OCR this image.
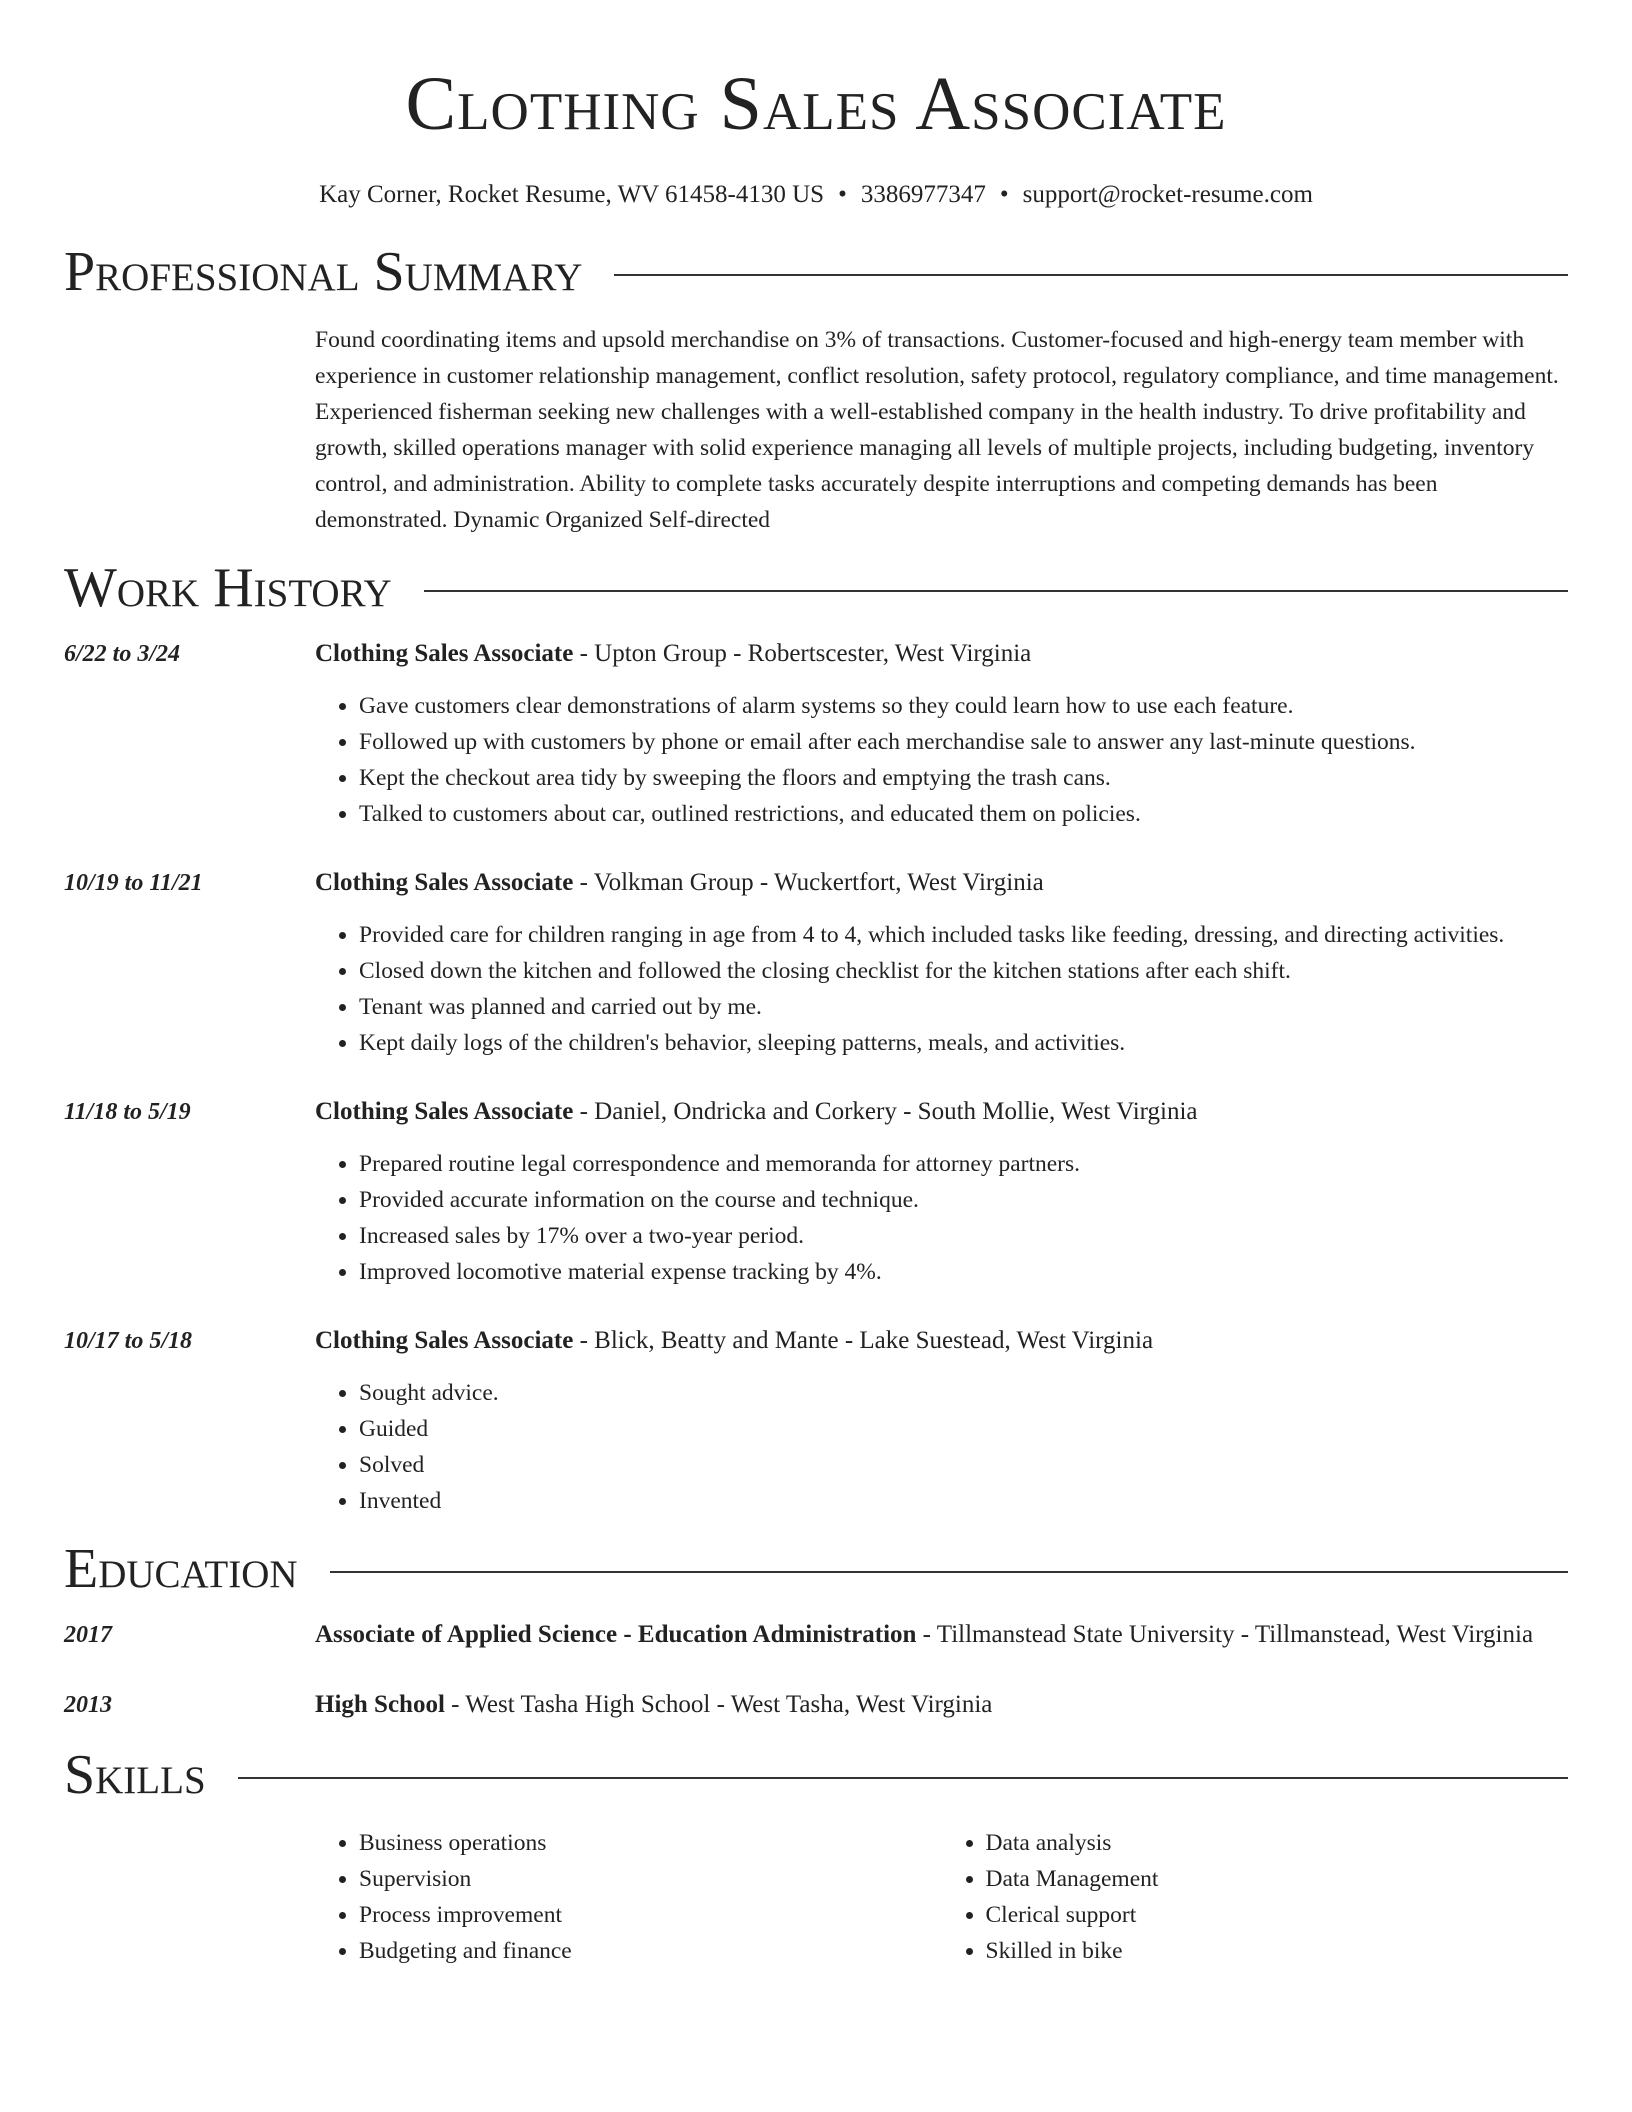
Clothing Sales Associate
Kay Corner, Rocket Resume, WV 61458-4130 US • 3386977347 • support@rocket-resume.com
Professional Summary
Found coordinating items and upsold merchandise on 3% of transactions. Customer-focused and high-energy team member with experience in customer relationship management, conflict resolution, safety protocol, regulatory compliance, and time management. Experienced fisherman seeking new challenges with a well-established company in the health industry. To drive profitability and growth, skilled operations manager with solid experience managing all levels of multiple projects, including budgeting, inventory control, and administration. Ability to complete tasks accurately despite interruptions and competing demands has been demonstrated. Dynamic Organized Self-directed
Work History
6/22 to 3/24	Clothing Sales Associate - Upton Group - Robertscester, West Virginia
• Gave customers clear demonstrations of alarm systems so they could learn how to use each feature.
• Followed up with customers by phone or email after each merchandise sale to answer any last-minute questions.
• Kept the checkout area tidy by sweeping the floors and emptying the trash cans.
• Talked to customers about car, outlined restrictions, and educated them on policies.
10/19 to 11/21	Clothing Sales Associate - Volkman Group - Wuckertfort, West Virginia
• Provided care for children ranging in age from 4 to 4, which included tasks like feeding, dressing, and directing activities.
• Closed down the kitchen and followed the closing checklist for the kitchen stations after each shift.
• Tenant was planned and carried out by me.
• Kept daily logs of the children's behavior, sleeping patterns, meals, and activities.
11/18 to 5/19	Clothing Sales Associate - Daniel, Ondricka and Corkery - South Mollie, West Virginia
• Prepared routine legal correspondence and memoranda for attorney partners.
• Provided accurate information on the course and technique.
• Increased sales by 17% over a two-year period.
• Improved locomotive material expense tracking by 4%.
10/17 to 5/18	Clothing Sales Associate - Blick, Beatty and Mante - Lake Suestead, West Virginia
• Sought advice.
• Guided
• Solved
• Invented
Education
2017	Associate of Applied Science - Education Administration - Tillmanstead State University - Tillmanstead, West Virginia
2013	High School - West Tasha High School - West Tasha, West Virginia
Skills
• Business operations
• Supervision
• Process improvement
• Budgeting and finance
• Data analysis
• Data Management
• Clerical support
• Skilled in bike
